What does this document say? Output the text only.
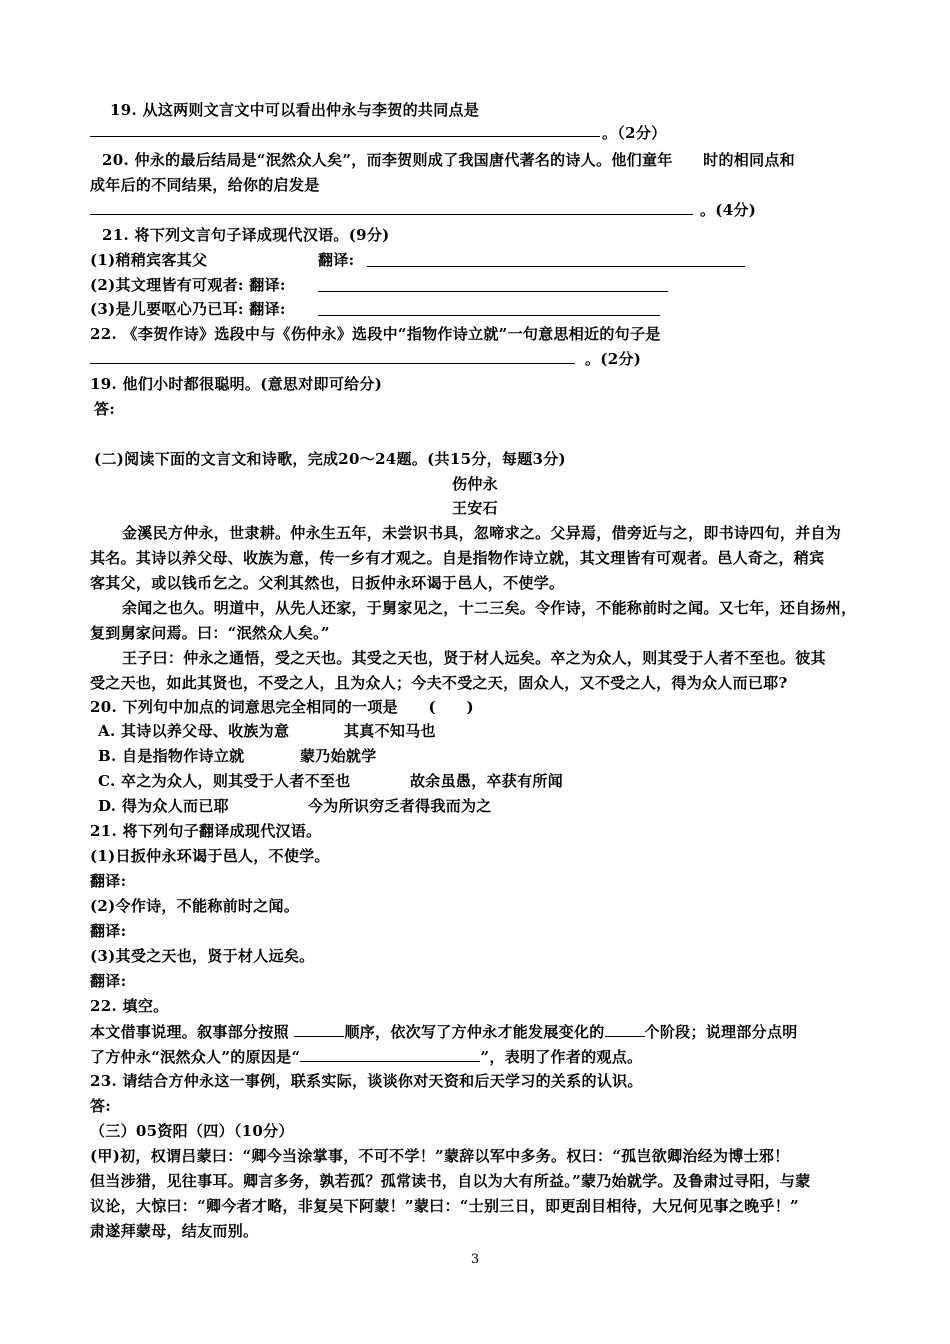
19. 从这两则文言文中可以看出仲永与李贺的共同点是
。（2分）
20. 仲永的最后结局是“泯然众人矣”，而李贺则成了我国唐代著名的诗人。他们童年　　时的相同点和
成年后的不同结果，给你的启发是
。(4分)
21. 将下列文言句子译成现代汉语。(9分)
(1)稍稍宾客其父	翻译:
(2)其文理皆有可观者: 翻译:
(3)是儿要呕心乃已耳: 翻译:
22. 《李贺作诗》选段中与《伤仲永》选段中“指物作诗立就”一句意思相近的句子是
。(2分)
19. 他们小时都很聪明。(意思对即可给分)
答:
(二)阅读下面的文言文和诗歌，完成20～24题。(共15分，每题3分)
伤仲永
王安石
金溪民方仲永，世隶耕。仲永生五年，未尝识书具，忽啼求之。父异焉，借旁近与之，即书诗四句，并自为
其名。其诗以养父母、收族为意，传一乡有才观之。自是指物作诗立就，其文理皆有可观者。邑人奇之，稍宾
客其父，或以钱币乞之。父利其然也，日扳仲永环谒于邑人，不使学。
余闻之也久。明道中，从先人还家，于舅家见之，十二三矣。令作诗，不能称前时之闻。又七年，还自扬州，
复到舅家问焉。曰：“泯然众人矣。”
王子曰：仲永之通悟，受之天也。其受之天也，贤于材人远矣。卒之为众人，则其受于人者不至也。彼其
受之天也，如此其贤也，不受之人，且为众人；今夫不受之天，固众人，又不受之人，得为众人而已耶?
20. 下列句中加点的词意思完全相同的一项是　　(　　)
A. 其诗以养父母、收族为意	其真不知马也
B. 自是指物作诗立就	蒙乃始就学
C. 卒之为众人，则其受于人者不至也	故余虽愚，卒获有所闻
D. 得为众人而已耶	今为所识穷乏者得我而为之
21. 将下列句子翻译成现代汉语。
(1)日扳仲永环谒于邑人，不使学。
翻译:
(2)令作诗，不能称前时之闻。
翻译:
(3)其受之天也，贤于材人远矣。
翻译:
22. 填空。
本文借事说理。叙事部分按照	顺序，依次写了方仲永才能发展变化的	个阶段；说理部分点明
了方仲永“泯然众人”的原因是“	”，表明了作者的观点。
23. 请结合方仲永这一事例，联系实际，谈谈你对天资和后天学习的关系的认识。
答:
（三）05资阳（四）（10分）
(甲)初，权谓吕蒙曰：“卿今当涂掌事，不可不学！”蒙辞以军中多务。权曰：“孤岂欲卿治经为博士邪！
但当涉猎，见往事耳。卿言多务，孰若孤？孤常读书，自以为大有所益。”蒙乃始就学。及鲁肃过寻阳，与蒙
议论，大惊曰：“卿今者才略，非复吴下阿蒙！”蒙曰：“士别三日，即更刮目相待，大兄何见事之晚乎！”
肃遂拜蒙母，结友而别。
3
